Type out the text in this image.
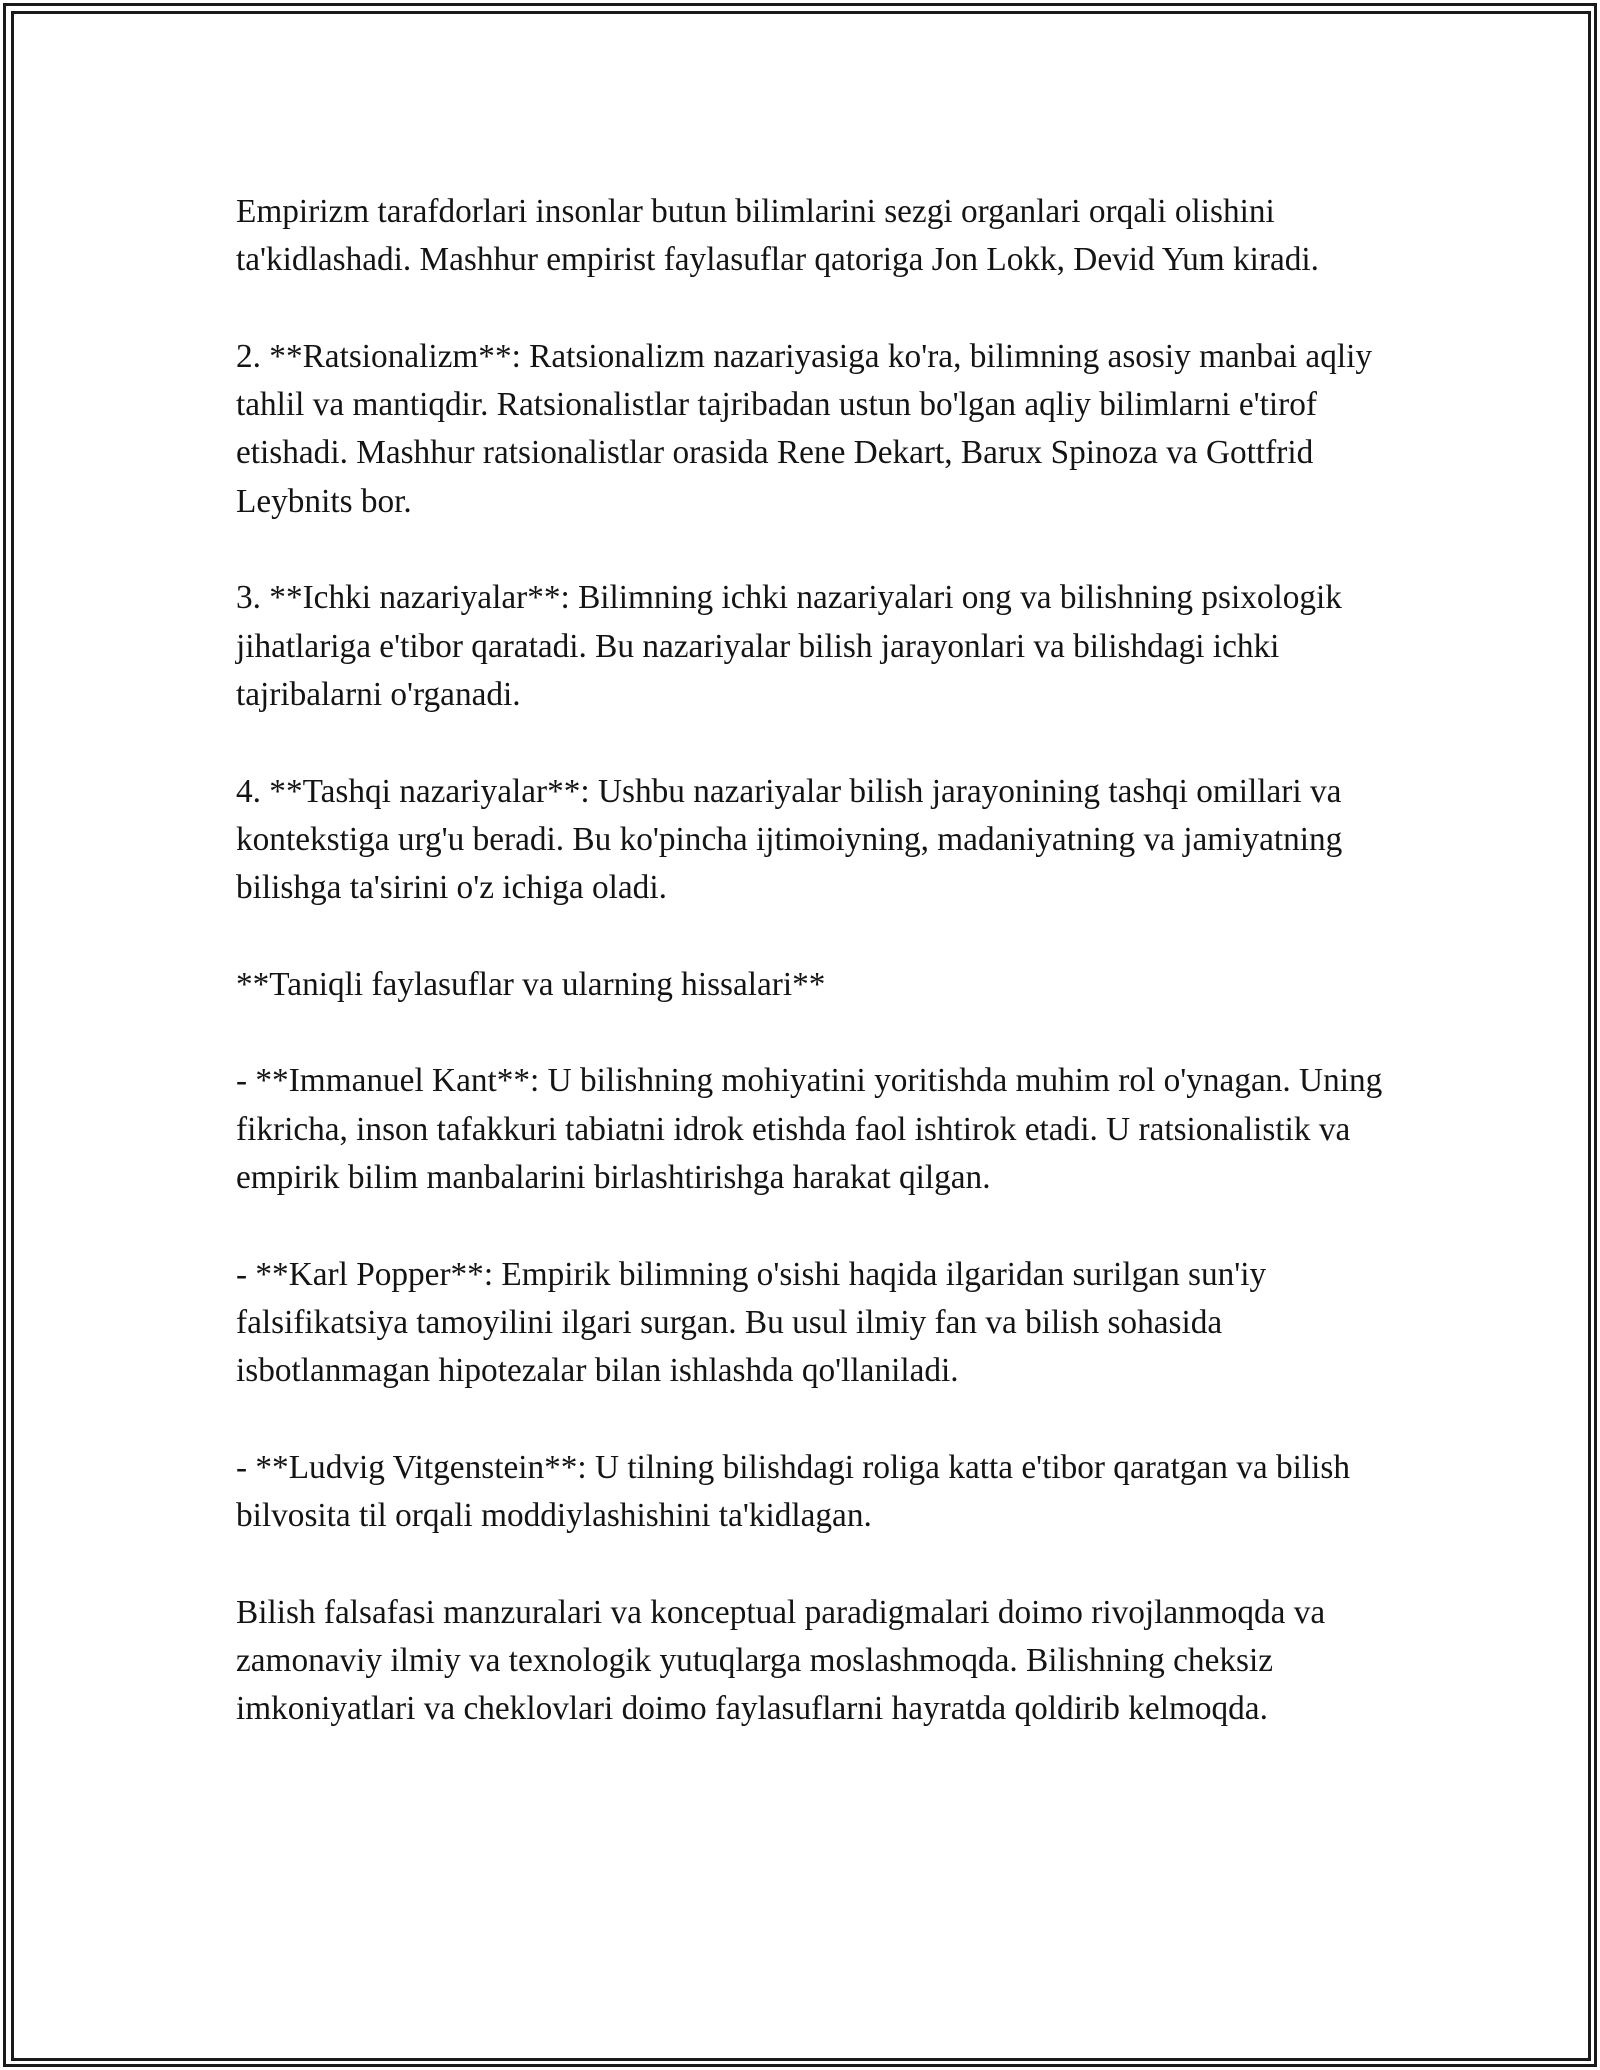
Empirizm tarafdorlari insonlar butun bilimlarini sezgi organlari orqali olishini ta'kidlashadi. Mashhur empirist faylasuflar qatoriga Jon Lokk, Devid Yum kiradi.

2. **Ratsionalizm**: Ratsionalizm nazariyasiga ko'ra, bilimning asosiy manbai aqliy tahlil va mantiqdir. Ratsionalistlar tajribadan ustun bo'lgan aqliy bilimlarni e'tirof etishadi. Mashhur ratsionalistlar orasida Rene Dekart, Barux Spinoza va Gottfrid Leybnits bor.

3. **Ichki nazariyalar**: Bilimning ichki nazariyalari ong va bilishning psixologik jihatlariga e'tibor qaratadi. Bu nazariyalar bilish jarayonlari va bilishdagi ichki tajribalarni o'rganadi.

4. **Tashqi nazariyalar**: Ushbu nazariyalar bilish jarayonining tashqi omillari va kontekstiga urg'u beradi. Bu ko'pincha ijtimoiyning, madaniyatning va jamiyatning bilishga ta'sirini o'z ichiga oladi.

**Taniqli faylasuflar va ularning hissalari**

- **Immanuel Kant**: U bilishning mohiyatini yoritishda muhim rol o'ynagan. Uning fikricha, inson tafakkuri tabiatni idrok etishda faol ishtirok etadi. U ratsionalistik va empirik bilim manbalarini birlashtirishga harakat qilgan.

- **Karl Popper**: Empirik bilimning o'sishi haqida ilgaridan surilgan sun'iy falsifikatsiya tamoyilini ilgari surgan. Bu usul ilmiy fan va bilish sohasida isbotlanmagan hipotezalar bilan ishlashda qo'llaniladi.

- **Ludvig Vitgenstein**: U tilning bilishdagi roliga katta e'tibor qaratgan va bilish bilvosita til orqali moddiylashishini ta'kidlagan.

Bilish falsafasi manzuralari va konceptual paradigmalari doimo rivojlanmoqda va zamonaviy ilmiy va texnologik yutuqlarga moslashmoqda. Bilishning cheksiz imkoniyatlari va cheklovlari doimo faylasuflarni hayratda qoldirib kelmoqda.
